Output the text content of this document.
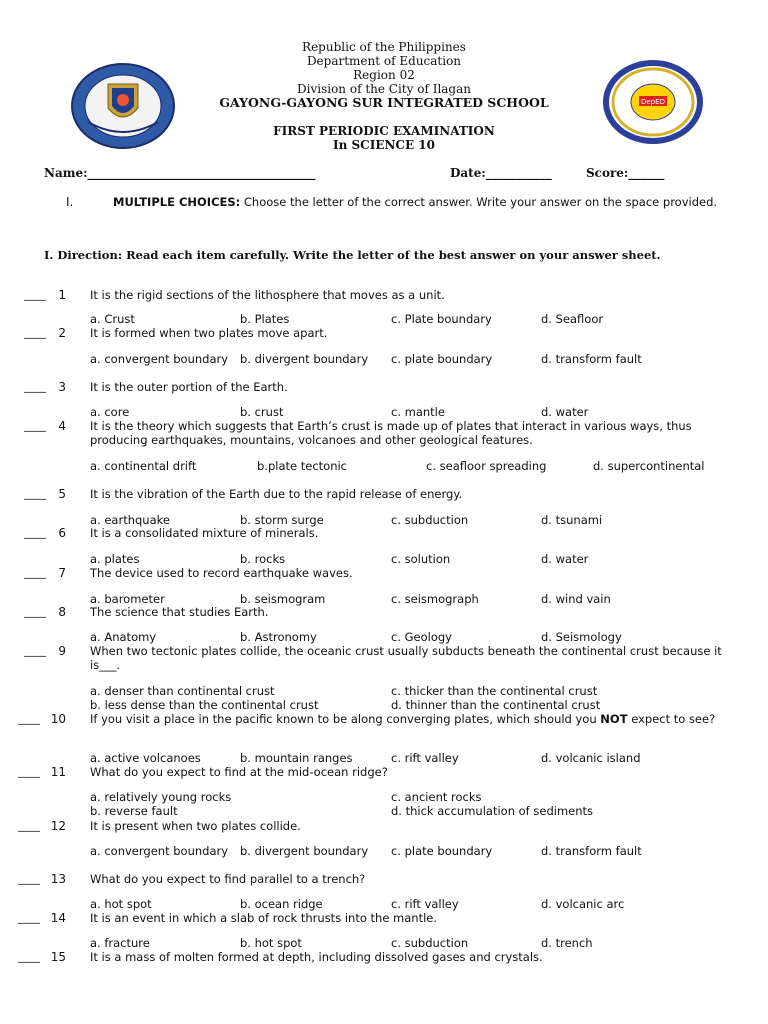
DepED
Republic of the Philippines
Department of Education
Region 02
Division of the City of Ilagan
GAYONG-GAYONG SUR INTEGRATED SCHOOL
FIRST PERIODIC EXAMINATION
In SCIENCE 10
Name:______________________________________	Date:___________	Score:______
I.	MULTIPLE CHOICES: Choose the letter of the correct answer. Write your answer on the space provided.
I. Direction: Read each item carefully. Write the letter of the best answer on your answer sheet.
____	1 It is the rigid sections of the lithosphere that moves as a unit.
a. Crust	b. Plates	c. Plate boundary	d. Seafloor
____	2 It is formed when two plates move apart.
a. convergent boundary b. divergent boundary	c. plate boundary	d. transform fault
____	3 It is the outer portion of the Earth.
a. core	b. crust	c. mantle	d. water
____	4 It is the theory which suggests that Earth’s crust is made up of plates that interact in various ways, thus producing earthquakes, mountains, volcanoes and other geological features.
a. continental drift	b.plate tectonic	c. seafloor spreading	d. supercontinental
____	5 It is the vibration of the Earth due to the rapid release of energy.
a. earthquake	b. storm surge	c. subduction	d. tsunami
____	6 It is a consolidated mixture of minerals.
a. plates	b. rocks	c. solution	d. water
____	7 The device used to record earthquake waves.
a. barometer	b. seismogram	c. seismograph	d. wind vain
____	8 The science that studies Earth.
a. Anatomy	b. Astronomy	c. Geology	d. Seismology
____	9 When two tectonic plates collide, the oceanic crust usually subducts beneath the continental crust because it is___.
a. denser than continental crust	c. thicker than the continental crust
b. less dense than the continental crust	d. thinner than the continental crust
____ 10 If you visit a place in the pacific known to be along converging plates, which should you NOT expect to see?
a. active volcanoes	b. mountain ranges	c. rift valley	d. volcanic island
____ 11 What do you expect to find at the mid-ocean ridge?
a. relatively young rocks	c. ancient rocks
b. reverse fault	d. thick accumulation of sediments
____ 12 It is present when two plates collide.
a. convergent boundary b. divergent boundary	c. plate boundary	d. transform fault
____ 13 What do you expect to find parallel to a trench?
a. hot spot	b. ocean ridge	c. rift valley	d. volcanic arc
____ 14 It is an event in which a slab of rock thrusts into the mantle.
a. fracture	b. hot spot	c. subduction	d. trench
____ 15 It is a mass of molten formed at depth, including dissolved gases and crystals.
